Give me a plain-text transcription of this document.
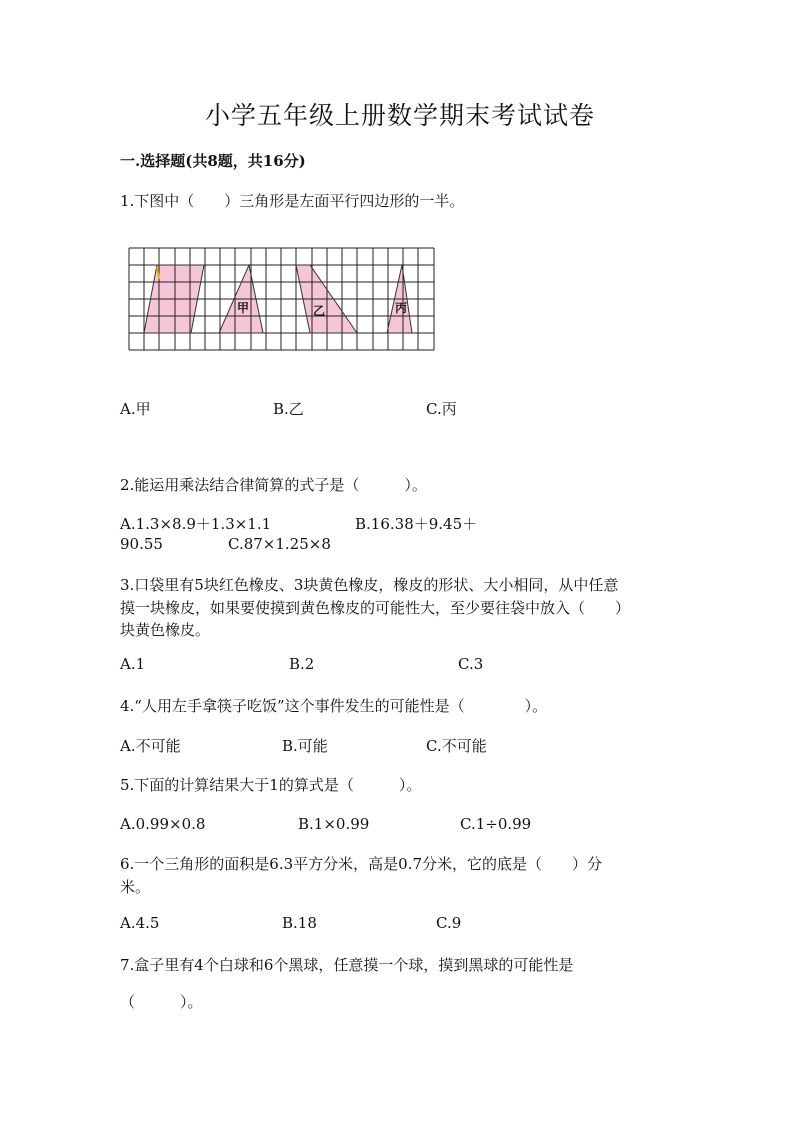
小学五年级上册数学期末考试试卷
一.选择题(共8题，共16分)
1.下图中（　　）三角形是左面平行四边形的一半。
甲	乙	丙
A.甲	B.乙	C.丙
2.能运用乘法结合律简算的式子是（　　　）。
A.1.3×8.9＋1.3×1.1	B.16.38＋9.45＋
90.55	C.87×1.25×8
3.口袋里有5块红色橡皮、3块黄色橡皮，橡皮的形状、大小相同，从中任意
摸一块橡皮，如果要使摸到黄色橡皮的可能性大，至少要往袋中放入（　　）
块黄色橡皮。
A.1	B.2	C.3
4.“人用左手拿筷子吃饭”这个事件发生的可能性是（　　　　）。
A.不可能	B.可能	C.不可能
5.下面的计算结果大于1的算式是（　　　）。
A.0.99×0.8	B.1×0.99	C.1÷0.99
6.一个三角形的面积是6.3平方分米，高是0.7分米，它的底是（　　）分
米。
A.4.5	B.18	C.9
7.盒子里有4个白球和6个黑球，任意摸一个球，摸到黑球的可能性是
（　　　）。
